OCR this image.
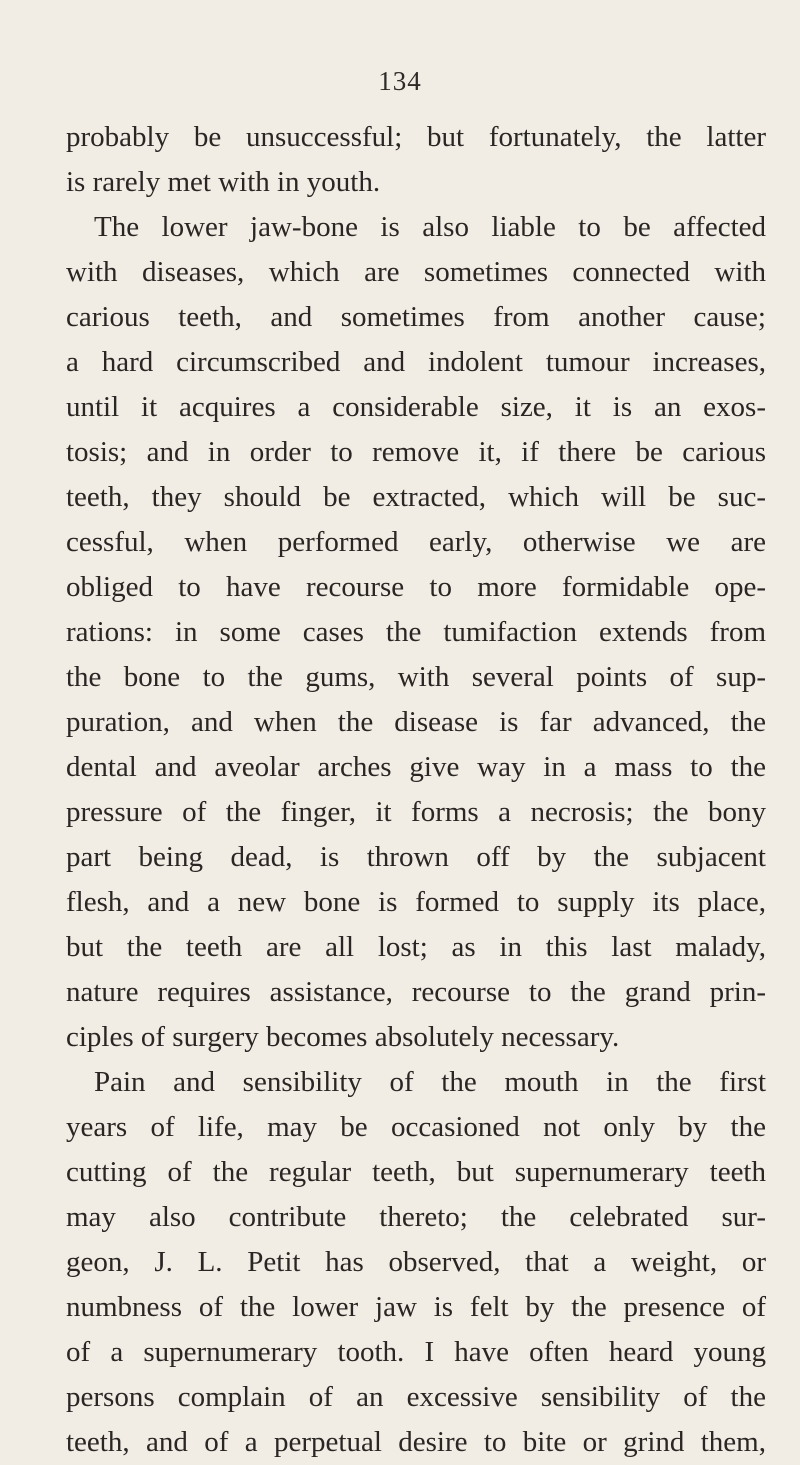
134
probably be unsuccessful; but fortunately, the latter
is rarely met with in youth.
The lower jaw-bone is also liable to be affected
with diseases, which are sometimes connected with
carious teeth, and sometimes from another cause;
a hard circumscribed and indolent tumour increases,
until it acquires a considerable size, it is an exos-
tosis; and in order to remove it, if there be carious
teeth, they should be extracted, which will be suc-
cessful, when performed early, otherwise we are
obliged to have recourse to more formidable ope-
rations: in some cases the tumifaction extends from
the bone to the gums, with several points of sup-
puration, and when the disease is far advanced, the
dental and aveolar arches give way in a mass to the
pressure of the finger, it forms a necrosis; the bony
part being dead, is thrown off by the subjacent
flesh, and a new bone is formed to supply its place,
but the teeth are all lost; as in this last malady,
nature requires assistance, recourse to the grand prin-
ciples of surgery becomes absolutely necessary.
Pain and sensibility of the mouth in the first
years of life, may be occasioned not only by the
cutting of the regular teeth, but supernumerary teeth
may also contribute thereto; the celebrated sur-
geon, J. L. Petit has observed, that a weight, or
numbness of the lower jaw is felt by the presence of
of a supernumerary tooth. I have often heard young
persons complain of an excessive sensibility of the
teeth, and of a perpetual desire to bite or grind them,
